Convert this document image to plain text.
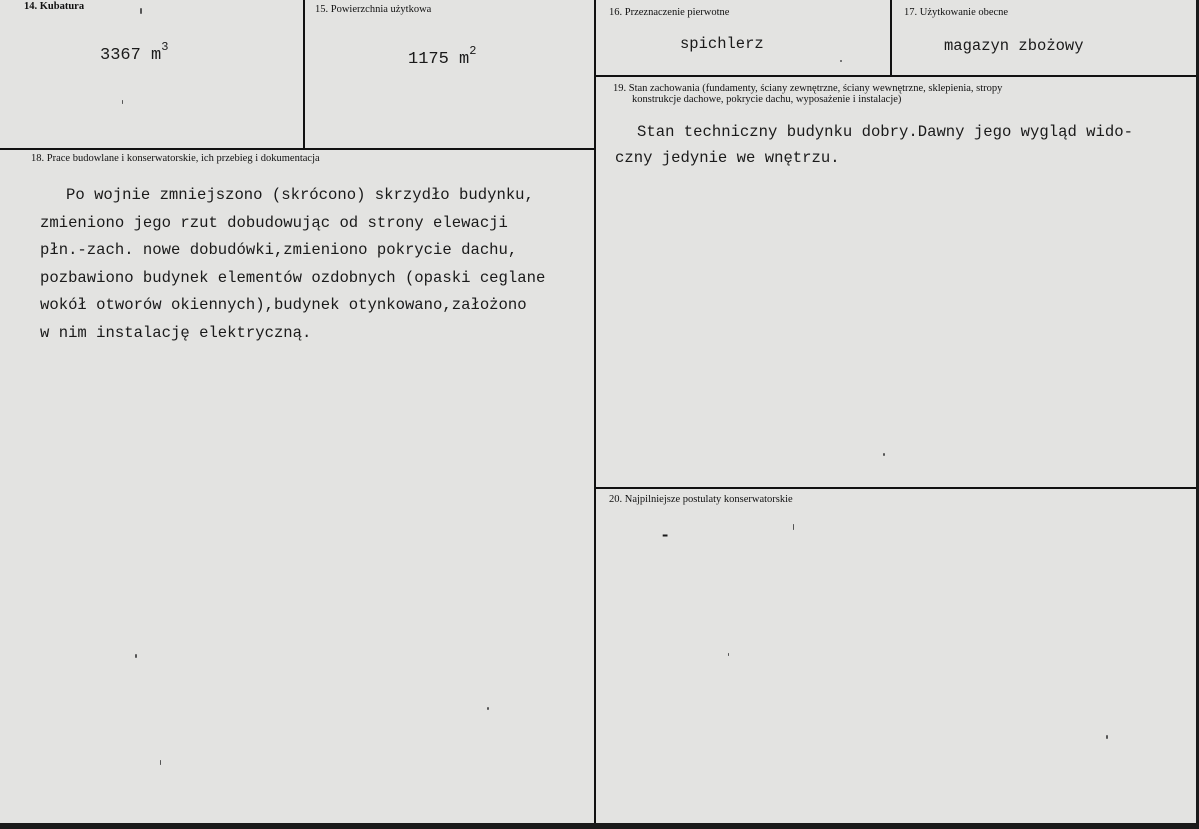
14. Kubatura
3367 $m^3$
15. Powierzchnia użytkowa
1175 $m^2$
16. Przeznaczenie pierwotne
spichlerz
17. Użytkowanie obecne
magazyn zbożowy
18. Prace budowlane i konserwatorskie, ich przebieg i dokumentacja
Po wojnie zmniejszono (skrócono) skrzydło budynku,
zmieniono jego rzut dobudowując od strony elewacji
płn.-zach. nowe dobudówki,zmieniono pokrycie dachu,
pozbawiono budynek elementów ozdobnych (opaski ceglane
wokół otworów okiennych),budynek otynkowano,założono
w nim instalację elektryczną.
19. Stan zachowania (fundamenty, ściany zewnętrzne, ściany wewnętrzne, sklepienia, stropy
konstrukcje dachowe, pokrycie dachu, wyposażenie i instalacje)
Stan techniczny budynku dobry.Dawny jego wygląd wido-
czny jedynie we wnętrzu.
20. Najpilniejsze postulaty konserwatorskie
-
